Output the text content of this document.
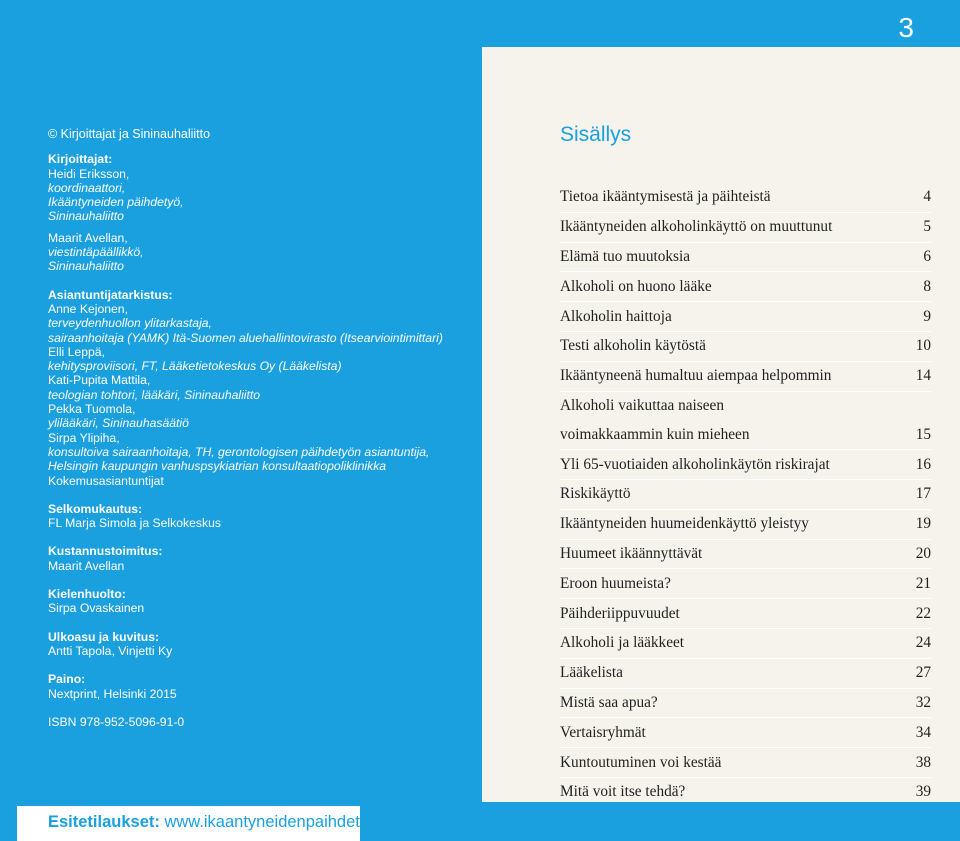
© Kirjoittajat ja Sininauhaliitto
Kirjoittajat:
Heidi Eriksson,
koordinaattori,
Ikääntyneiden päihdetyö,
Sininauhaliitto
Maarit Avellan,
viestintäpäällikkö,
Sininauhaliitto
Asiantuntijatarkistus:
Anne Kejonen,
terveydenhuollon ylitarkastaja,
sairaanhoitaja (YAMK) Itä-Suomen aluehallintovirasto (Itsearviointimittari)
Elli Leppä,
kehitysproviisori, FT, Lääketietokeskus Oy (Lääkelista)
Kati-Pupita Mattila,
teologian tohtori, lääkäri, Sininauhaliitto
Pekka Tuomola,
ylilääkäri, Sininauhasäätiö
Sirpa Ylipiha,
konsultoiva sairaanhoitaja, TH, gerontologisen päihdetyön asiantuntija,
Helsingin kaupungin vanhuspsykiatrian konsultaatiopoliklinikka
Kokemusasiantuntijat
Selkomukautus:
FL Marja Simola ja Selkokeskus
Kustannustoimitus:
Maarit Avellan
Kielenhuolto:
Sirpa Ovaskainen
Ulkoasu ja kuvitus:
Antti Tapola, Vinjetti Ky
Paino:
Nextprint, Helsinki 2015
ISBN 978-952-5096-91-0
3
Sisällys
Tietoa ikääntymisestä ja päihteistä	4
Ikääntyneiden alkoholinkäyttö on muuttunut	5
Elämä tuo muutoksia	6
Alkoholi on huono lääke	8
Alkoholin haittoja	9
Testi alkoholin käytöstä	10
Ikääntyneenä humaltuu aiempaa helpommin	14
Alkoholi vaikuttaa naiseen
voimakkaammin kuin mieheen	15
Yli 65-vuotiaiden alkoholinkäytön riskirajat	16
Riskikäyttö	17
Ikääntyneiden huumeidenkäyttö yleistyy	19
Huumeet ikäännyttävät	20
Eroon huumeista?	21
Päihderiippuvuudet	22
Alkoholi ja lääkkeet	24
Lääkelista	27
Mistä saa apua?	32
Vertaisryhmät	34
Kuntoutuminen voi kestää	38
Mitä voit itse tehdä?	39
Esitetilaukset: www.ikaantyneidenpaihdetyo.fi
